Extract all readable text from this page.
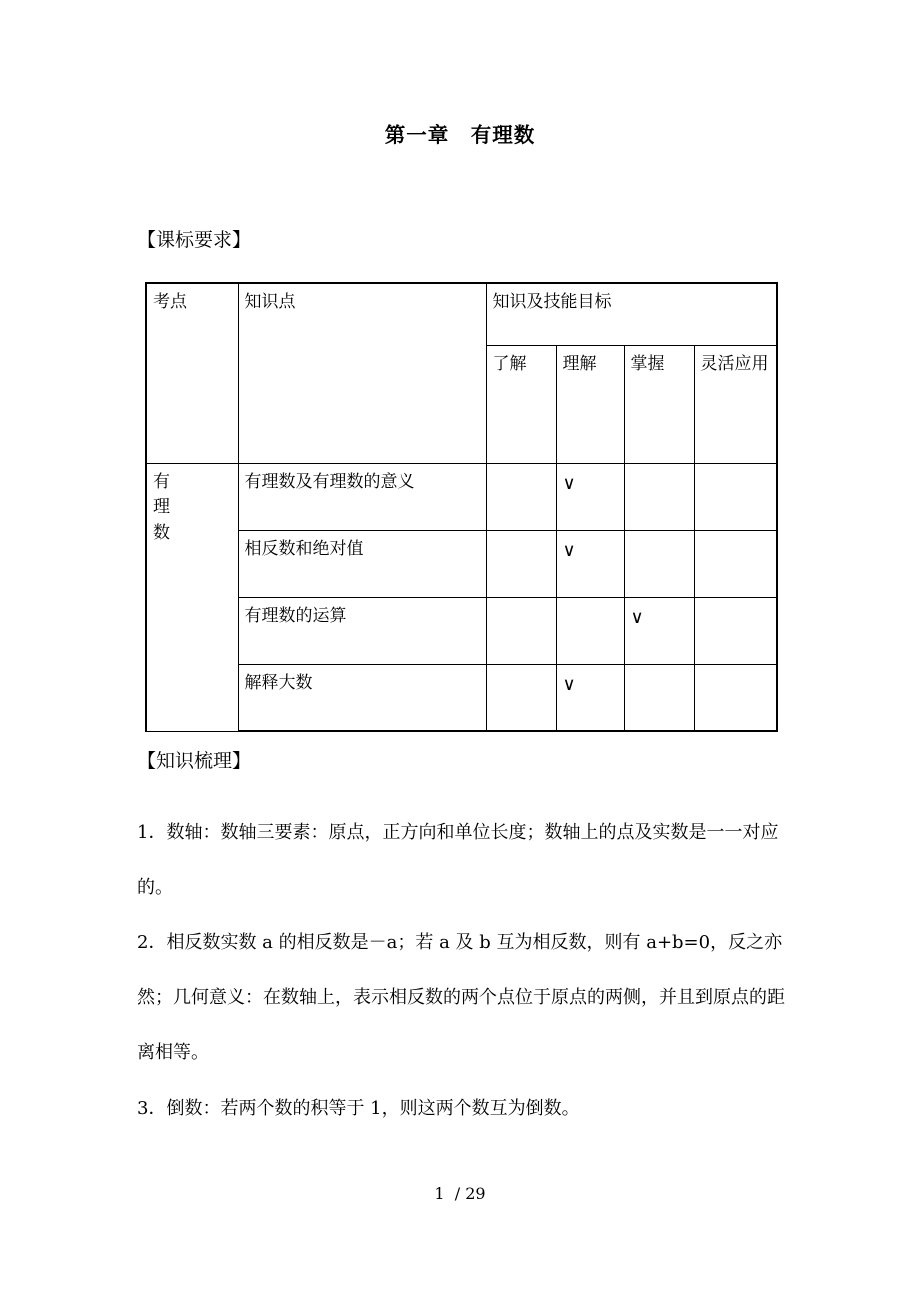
第一章　有理数
【课标要求】
考点	知识点	知识及技能目标			
		了解	理解	掌握	灵活应用

有
理
数	有理数及有理数的意义		∨		
	相反数和绝对值		∨		
	有理数的运算			∨	
	解释大数		∨		
【知识梳理】
1．数轴：数轴三要素：原点，正方向和单位长度；数轴上的点及实数是一一对应的。
2．相反数实数 a 的相反数是－a；若 a 及 b 互为相反数，则有 a+b=0，反之亦然；几何意义：在数轴上，表示相反数的两个点位于原点的两侧，并且到原点的距离相等。
3．倒数：若两个数的积等于 1，则这两个数互为倒数。
1  / 29
